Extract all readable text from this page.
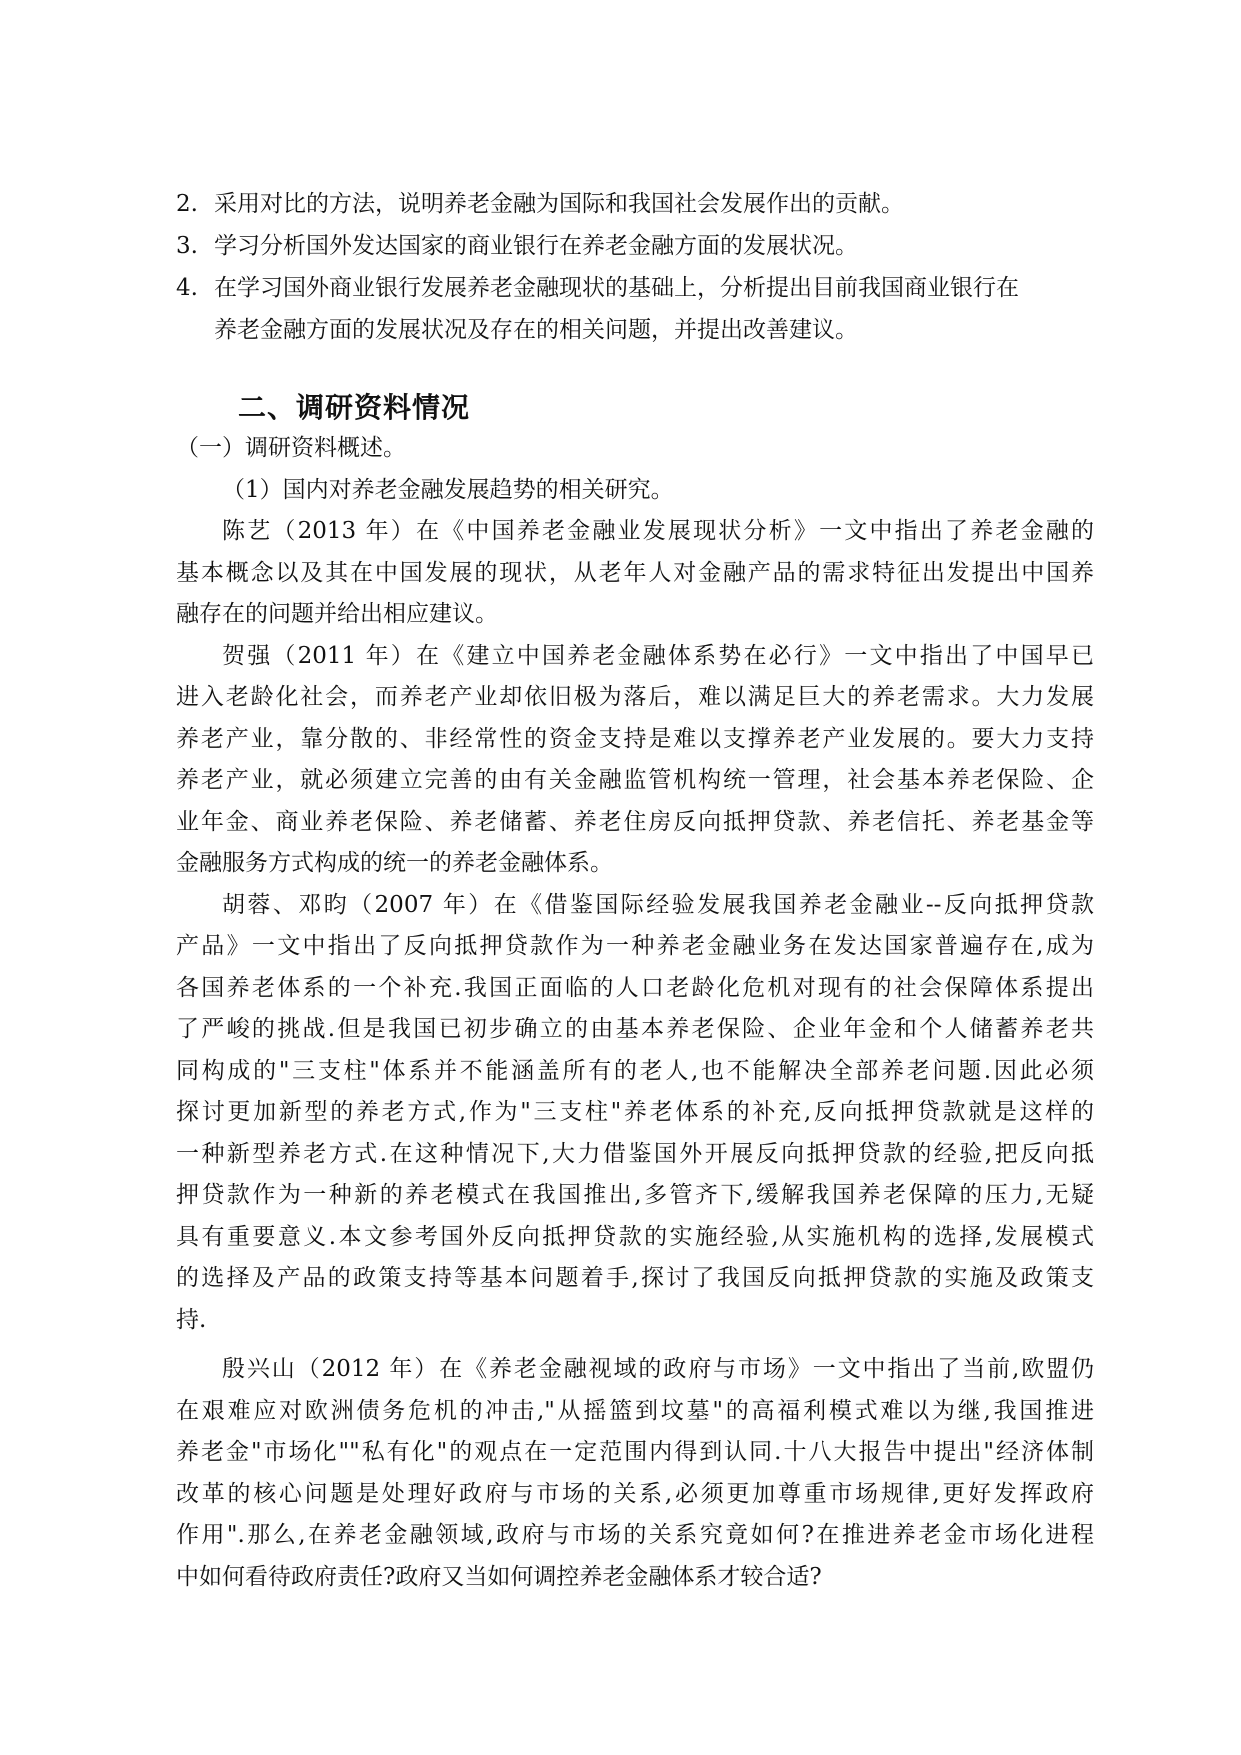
2. 采用对比的方法，说明养老金融为国际和我国社会发展作出的贡献。
3. 学习分析国外发达国家的商业银行在养老金融方面的发展状况。
4. 在学习国外商业银行发展养老金融现状的基础上，分析提出目前我国商业银行在
养老金融方面的发展状况及存在的相关问题，并提出改善建议。
二、调研资料情况
（一）调研资料概述。
（1）国内对养老金融发展趋势的相关研究。
陈艺（2013 年）在《中国养老金融业发展现状分析》一文中指出了养老金融的
基本概念以及其在中国发展的现状，从老年人对金融产品的需求特征出发提出中国养
融存在的问题并给出相应建议。
贺强（2011 年）在《建立中国养老金融体系势在必行》一文中指出了中国早已
进入老龄化社会，而养老产业却依旧极为落后，难以满足巨大的养老需求。大力发展
养老产业，靠分散的、非经常性的资金支持是难以支撑养老产业发展的。要大力支持
养老产业，就必须建立完善的由有关金融监管机构统一管理，社会基本养老保险、企
业年金、商业养老保险、养老储蓄、养老住房反向抵押贷款、养老信托、养老基金等
金融服务方式构成的统一的养老金融体系。
胡蓉、邓昀（2007 年）在《借鉴国际经验发展我国养老金融业--反向抵押贷款
产品》一文中指出了反向抵押贷款作为一种养老金融业务在发达国家普遍存在,成为
各国养老体系的一个补充.我国正面临的人口老龄化危机对现有的社会保障体系提出
了严峻的挑战.但是我国已初步确立的由基本养老保险、企业年金和个人储蓄养老共
同构成的"三支柱"体系并不能涵盖所有的老人,也不能解决全部养老问题.因此必须
探讨更加新型的养老方式,作为"三支柱"养老体系的补充,反向抵押贷款就是这样的
一种新型养老方式.在这种情况下,大力借鉴国外开展反向抵押贷款的经验,把反向抵
押贷款作为一种新的养老模式在我国推出,多管齐下,缓解我国养老保障的压力,无疑
具有重要意义.本文参考国外反向抵押贷款的实施经验,从实施机构的选择,发展模式
的选择及产品的政策支持等基本问题着手,探讨了我国反向抵押贷款的实施及政策支
持.
殷兴山（2012 年）在《养老金融视域的政府与市场》一文中指出了当前,欧盟仍
在艰难应对欧洲债务危机的冲击,"从摇篮到坟墓"的高福利模式难以为继,我国推进
养老金"市场化""私有化"的观点在一定范围内得到认同.十八大报告中提出"经济体制
改革的核心问题是处理好政府与市场的关系,必须更加尊重市场规律,更好发挥政府
作用".那么,在养老金融领域,政府与市场的关系究竟如何?在推进养老金市场化进程
中如何看待政府责任?政府又当如何调控养老金融体系才较合适?
